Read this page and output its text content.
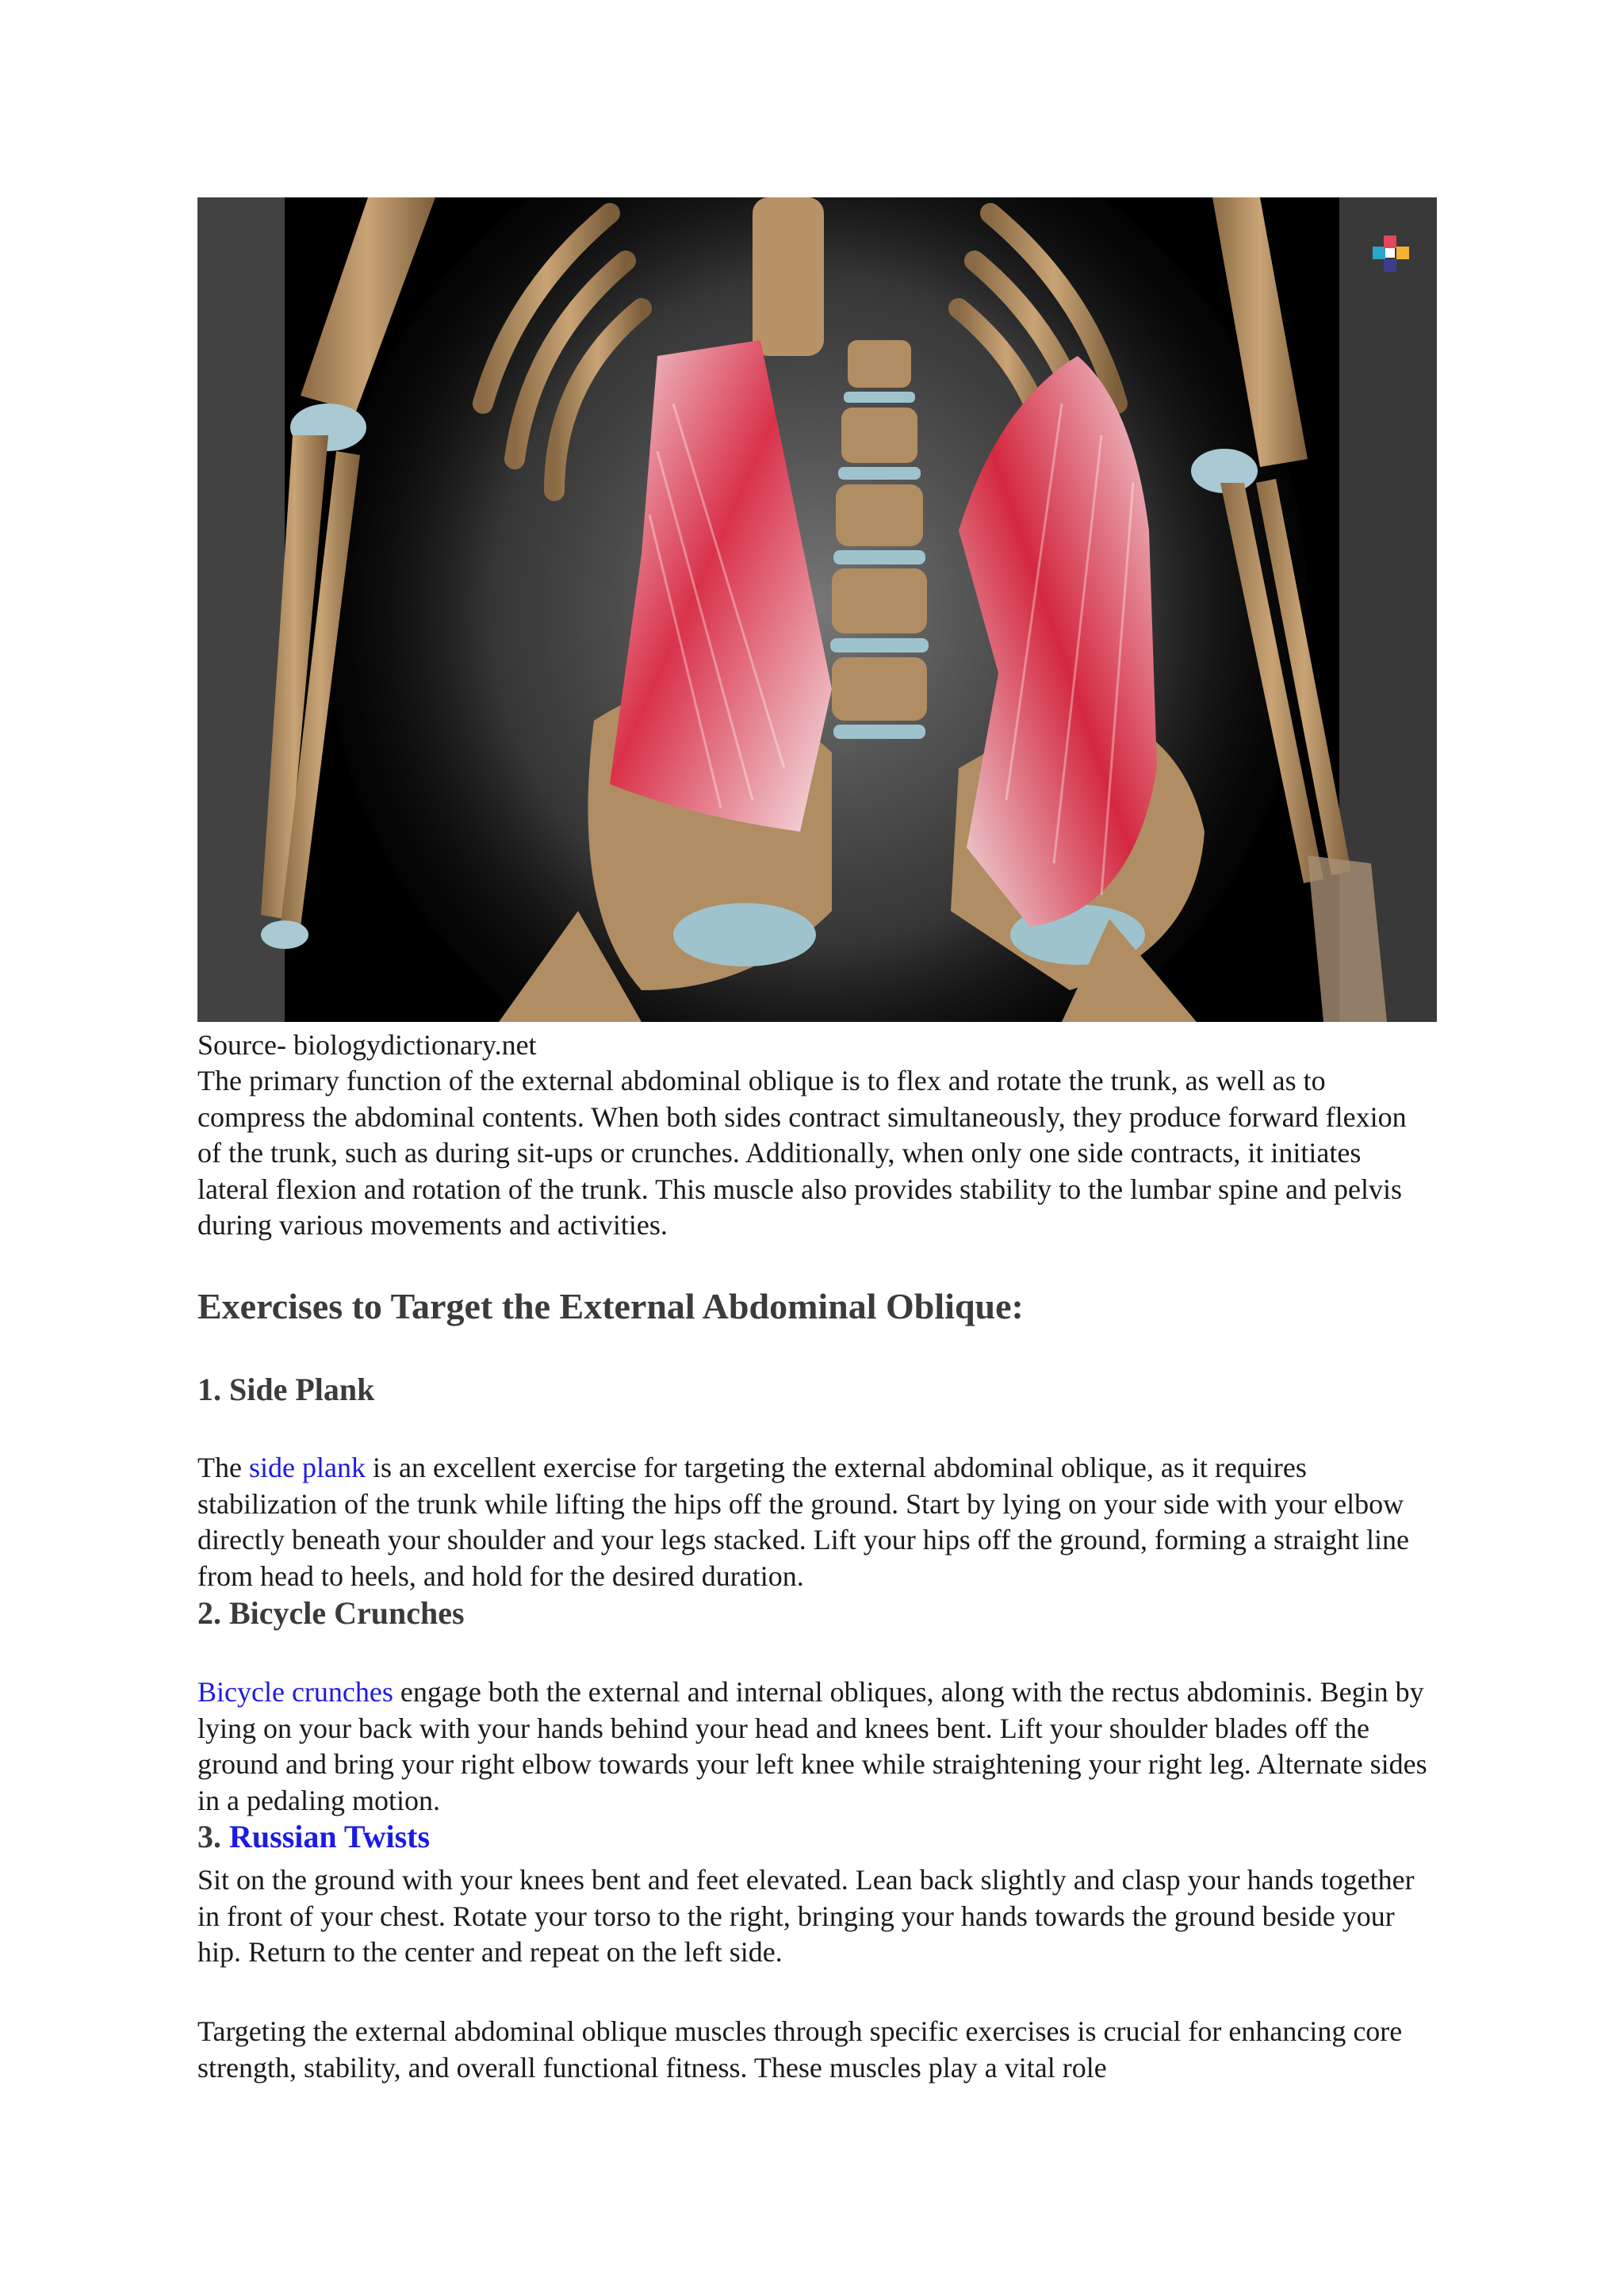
Source- biologydictionary.net

The primary function of the external abdominal oblique is to flex and rotate the trunk, as well as to compress the abdominal contents. When both sides contract simultaneously, they produce forward flexion of the trunk, such as during sit-ups or crunches. Additionally, when only one side contracts, it initiates lateral flexion and rotation of the trunk. This muscle also provides stability to the lumbar spine and pelvis during various movements and activities.

Exercises to Target the External Abdominal Oblique:
1. Side Plank

The side plank is an excellent exercise for targeting the external abdominal oblique, as it requires stabilization of the trunk while lifting the hips off the ground. Start by lying on your side with your elbow directly beneath your shoulder and your legs stacked. Lift your hips off the ground, forming a straight line from head to heels, and hold for the desired duration.

2. Bicycle Crunches

Bicycle crunches engage both the external and internal obliques, along with the rectus abdominis. Begin by lying on your back with your hands behind your head and knees bent. Lift your shoulder blades off the ground and bring your right elbow towards your left knee while straightening your right leg. Alternate sides in a pedaling motion.

3. Russian Twists

Sit on the ground with your knees bent and feet elevated. Lean back slightly and clasp your hands together in front of your chest. Rotate your torso to the right, bringing your hands towards the ground beside your hip. Return to the center and repeat on the left side.

Targeting the external abdominal oblique muscles through specific exercises is crucial for enhancing core strength, stability, and overall functional fitness. These muscles play a vital role
